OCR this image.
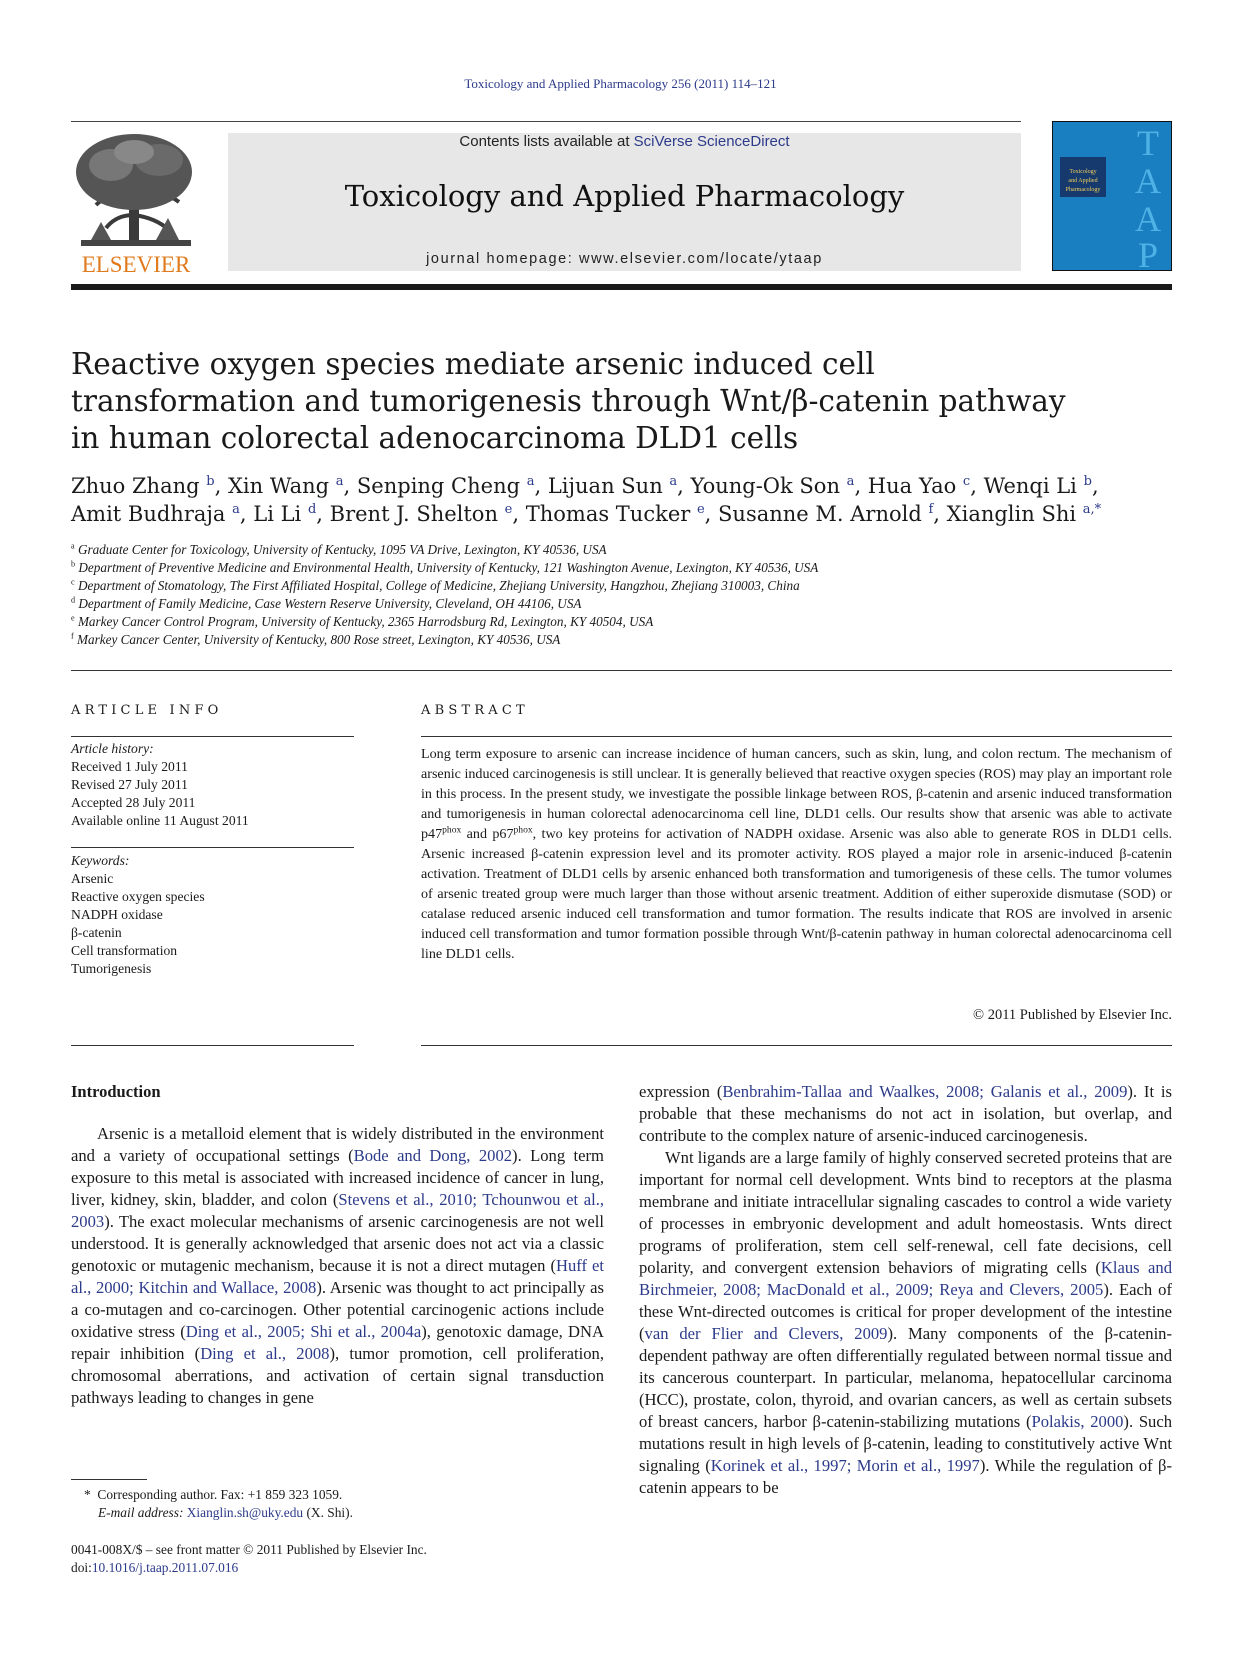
Toxicology and Applied Pharmacology 256 (2011) 114–121
ELSEVIER
Contents lists available at SciVerse ScienceDirect
Toxicology and Applied Pharmacology
journal homepage: www.elsevier.com/locate/ytaap
Toxicology
and Applied
Pharmacology
T
A
A
P
Reactive oxygen species mediate arsenic induced cell transformation and tumorigenesis through Wnt/β-catenin pathway in human colorectal adenocarcinoma DLD1 cells
Zhuo Zhang $^b$, Xin Wang $^a$, Senping Cheng $^a$, Lijuan Sun $^a$, Young-Ok Son $^a$, Hua Yao $^c$, Wenqi Li $^b$,
Amit Budhraja $^a$, Li Li $^d$, Brent J. Shelton $^e$, Thomas Tucker $^e$, Susanne M. Arnold $^f$, Xianglin Shi $^{a,*}$
$^a$ Graduate Center for Toxicology, University of Kentucky, 1095 VA Drive, Lexington, KY 40536, USA
$^b$ Department of Preventive Medicine and Environmental Health, University of Kentucky, 121 Washington Avenue, Lexington, KY 40536, USA
$^c$ Department of Stomatology, The First Affiliated Hospital, College of Medicine, Zhejiang University, Hangzhou, Zhejiang 310003, China
$^d$ Department of Family Medicine, Case Western Reserve University, Cleveland, OH 44106, USA
$^e$ Markey Cancer Control Program, University of Kentucky, 2365 Harrodsburg Rd, Lexington, KY 40504, USA
$^f$ Markey Cancer Center, University of Kentucky, 800 Rose street, Lexington, KY 40536, USA
ARTICLE INFO
Article history:
Received 1 July 2011
Revised 27 July 2011
Accepted 28 July 2011
Available online 11 August 2011
Keywords:
Arsenic
Reactive oxygen species
NADPH oxidase
β-catenin
Cell transformation
Tumorigenesis
ABSTRACT
Long term exposure to arsenic can increase incidence of human cancers, such as skin, lung, and colon rectum. The mechanism of arsenic induced carcinogenesis is still unclear. It is generally believed that reactive oxygen species (ROS) may play an important role in this process. In the present study, we investigate the possible linkage between ROS, β-catenin and arsenic induced transformation and tumorigenesis in human colorectal adenocarcinoma cell line, DLD1 cells. Our results show that arsenic was able to activate $p47^{phox}$ and $p67^{phox}$, two key proteins for activation of NADPH oxidase. Arsenic was also able to generate ROS in DLD1 cells. Arsenic increased β-catenin expression level and its promoter activity. ROS played a major role in arsenic-induced β-catenin activation. Treatment of DLD1 cells by arsenic enhanced both transformation and tumorigenesis of these cells. The tumor volumes of arsenic treated group were much larger than those without arsenic treatment. Addition of either superoxide dismutase (SOD) or catalase reduced arsenic induced cell transformation and tumor formation. The results indicate that ROS are involved in arsenic induced cell transformation and tumor formation possible through Wnt/β-catenin pathway in human colorectal adenocarcinoma cell line DLD1 cells.
© 2011 Published by Elsevier Inc.
Introduction

Arsenic is a metalloid element that is widely distributed in the environment and a variety of occupational settings (Bode and Dong, 2002). Long term exposure to this metal is associated with increased incidence of cancer in lung, liver, kidney, skin, bladder, and colon (Stevens et al., 2010; Tchounwou et al., 2003). The exact molecular mechanisms of arsenic carcinogenesis are not well understood. It is generally acknowledged that arsenic does not act via a classic genotoxic or mutagenic mechanism, because it is not a direct mutagen (Huff et al., 2000; Kitchin and Wallace, 2008). Arsenic was thought to act principally as a co-mutagen and co-carcinogen. Other potential carcinogenic actions include oxidative stress (Ding et al., 2005; Shi et al., 2004a), genotoxic damage, DNA repair inhibition (Ding et al., 2008), tumor promotion, cell proliferation, chromosomal aberrations, and activation of certain signal transduction pathways leading to changes in gene

expression (Benbrahim-Tallaa and Waalkes, 2008; Galanis et al., 2009). It is probable that these mechanisms do not act in isolation, but overlap, and contribute to the complex nature of arsenic-induced carcinogenesis.

Wnt ligands are a large family of highly conserved secreted proteins that are important for normal cell development. Wnts bind to receptors at the plasma membrane and initiate intracellular signaling cascades to control a wide variety of processes in embryonic development and adult homeostasis. Wnts direct programs of proliferation, stem cell self-renewal, cell fate decisions, cell polarity, and convergent extension behaviors of migrating cells (Klaus and Birchmeier, 2008; MacDonald et al., 2009; Reya and Clevers, 2005). Each of these Wnt-directed outcomes is critical for proper development of the intestine (van der Flier and Clevers, 2009). Many components of the β-catenin-dependent pathway are often differentially regulated between normal tissue and its cancerous counterpart. In particular, melanoma, hepatocellular carcinoma (HCC), prostate, colon, thyroid, and ovarian cancers, as well as certain subsets of breast cancers, harbor β-catenin-stabilizing mutations (Polakis, 2000). Such mutations result in high levels of β-catenin, leading to constitutively active Wnt signaling (Korinek et al., 1997; Morin et al., 1997). While the regulation of β-catenin appears to be

* Corresponding author. Fax: +1 859 323 1059.
E-mail address: Xianglin.sh@uky.edu (X. Shi).
0041-008X/$ – see front matter © 2011 Published by Elsevier Inc.
doi:10.1016/j.taap.2011.07.016
